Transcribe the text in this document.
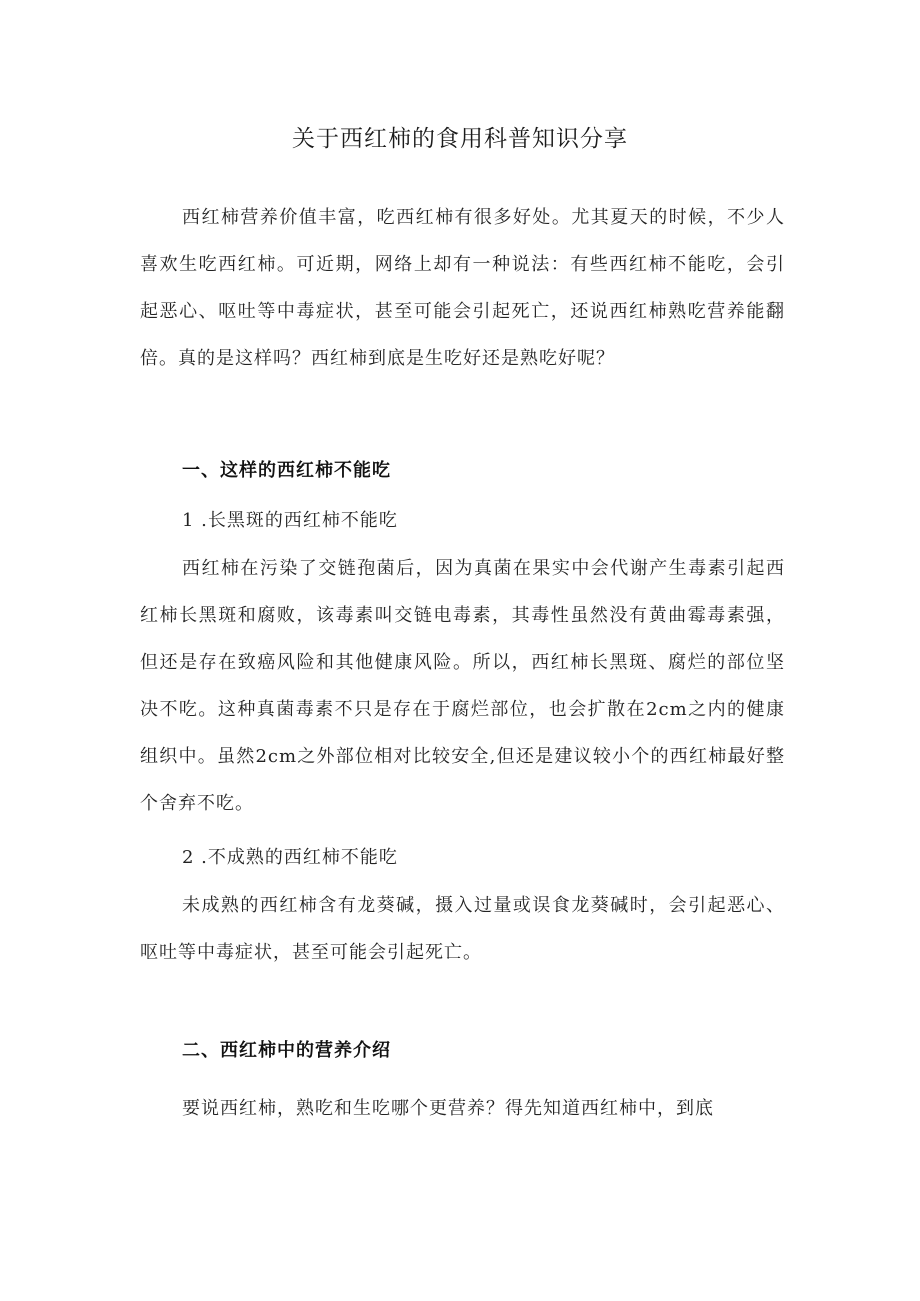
关于西红柿的食用科普知识分享

西红柿营养价值丰富，吃西红柿有很多好处。尤其夏天的时候，不少人喜欢生吃西红柿。可近期，网络上却有一种说法：有些西红柿不能吃，会引起恶心、呕吐等中毒症状，甚至可能会引起死亡，还说西红柿熟吃营养能翻倍。真的是这样吗？西红柿到底是生吃好还是熟吃好呢？

一、这样的西红柿不能吃
1 .长黑斑的西红柿不能吃

西红柿在污染了交链孢菌后，因为真菌在果实中会代谢产生毒素引起西红柿长黑斑和腐败，该毒素叫交链电毒素，其毒性虽然没有黄曲霉毒素强，但还是存在致癌风险和其他健康风险。所以，西红柿长黑斑、腐烂的部位坚决不吃。这种真菌毒素不只是存在于腐烂部位，也会扩散在2cm之内的健康组织中。虽然2cm之外部位相对比较安全,但还是建议较小个的西红柿最好整个舍弃不吃。

2 .不成熟的西红柿不能吃

未成熟的西红柿含有龙葵碱，摄入过量或误食龙葵碱时，会引起恶心、呕吐等中毒症状，甚至可能会引起死亡。

二、西红柿中的营养介绍

要说西红柿，熟吃和生吃哪个更营养？得先知道西红柿中，到底
